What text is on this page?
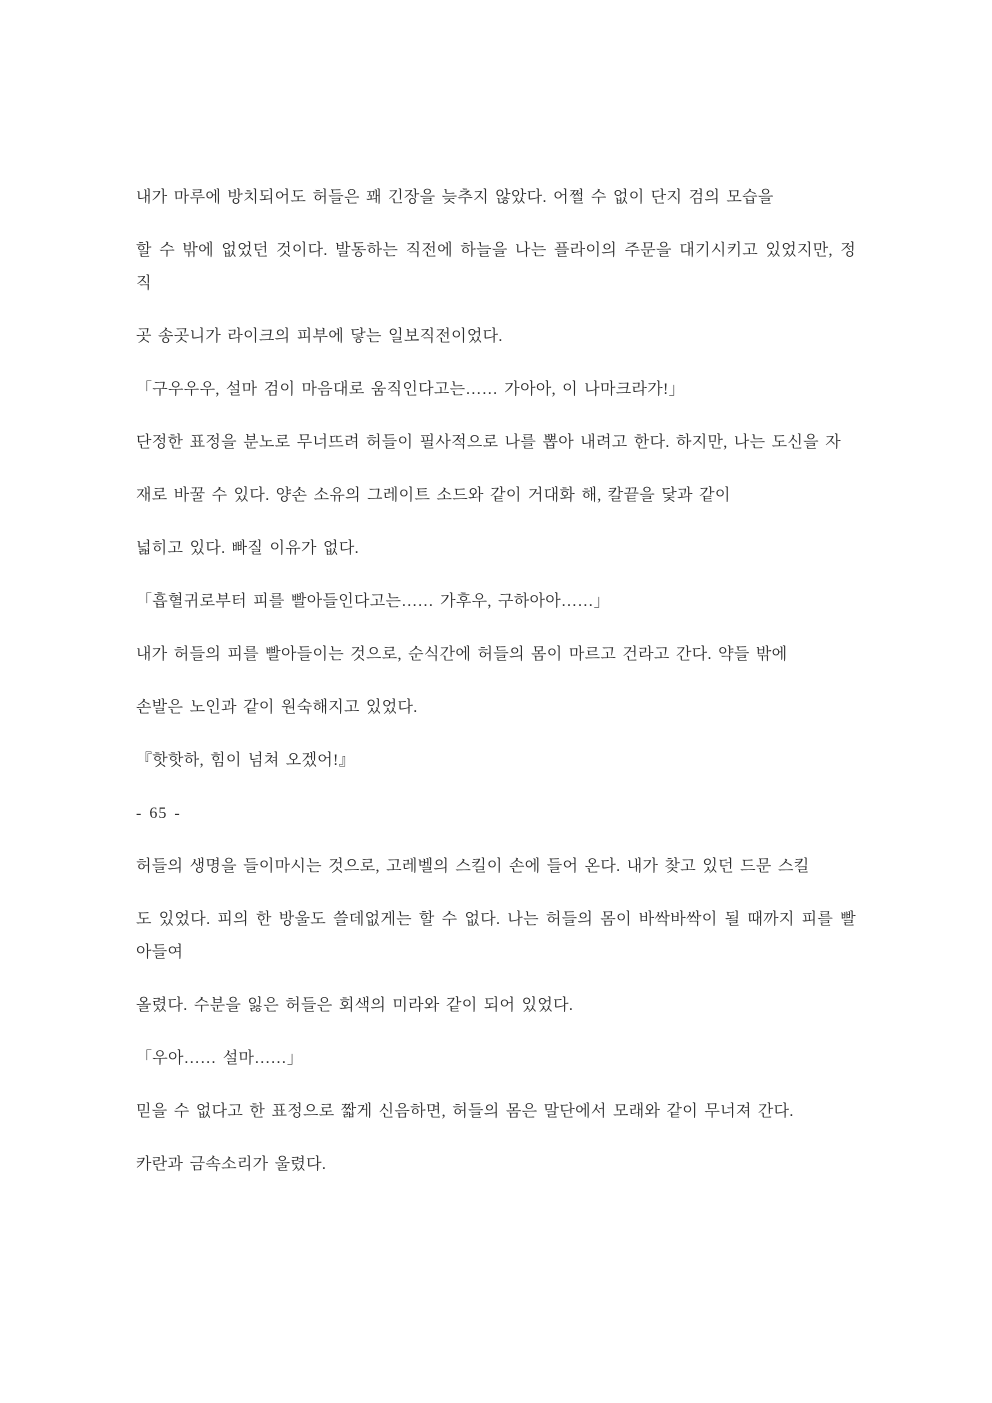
내가 마루에 방치되어도 허들은 꽤 긴장을 늦추지 않았다. 어쩔 수 없이 단지 검의 모습을

할 수 밖에 없었던 것이다. 발동하는 직전에 하늘을 나는 플라이의 주문을 대기시키고 있었지만, 정직

곳 송곳니가 라이크의 피부에 닿는 일보직전이었다.

「구우우우, 설마 검이 마음대로 움직인다고는…… 가아아, 이 나마크라가!」

단정한 표정을 분노로 무너뜨려 허들이 필사적으로 나를 뽑아 내려고 한다. 하지만, 나는 도신을 자

재로 바꿀 수 있다. 양손 소유의 그레이트 소드와 같이 거대화 해, 칼끝을 닻과 같이

넓히고 있다. 빠질 이유가 없다.

「흡혈귀로부터 피를 빨아들인다고는…… 가후우, 구하아아……」

내가 허들의 피를 빨아들이는 것으로, 순식간에 허들의 몸이 마르고 건라고 간다. 약들 밖에

손발은 노인과 같이 원숙해지고 있었다.

『핫핫하, 힘이 넘쳐 오겠어!』

- 65 -

허들의 생명을 들이마시는 것으로, 고레벨의 스킬이 손에 들어 온다. 내가 찾고 있던 드문 스킬

도 있었다. 피의 한 방울도 쓸데없게는 할 수 없다. 나는 허들의 몸이 바싹바싹이 될 때까지 피를 빨아들여

올렸다. 수분을 잃은 허들은 회색의 미라와 같이 되어 있었다.

「우아…… 설마……」

믿을 수 없다고 한 표정으로 짧게 신음하면, 허들의 몸은 말단에서 모래와 같이 무너져 간다.

카란과 금속소리가 울렸다.
